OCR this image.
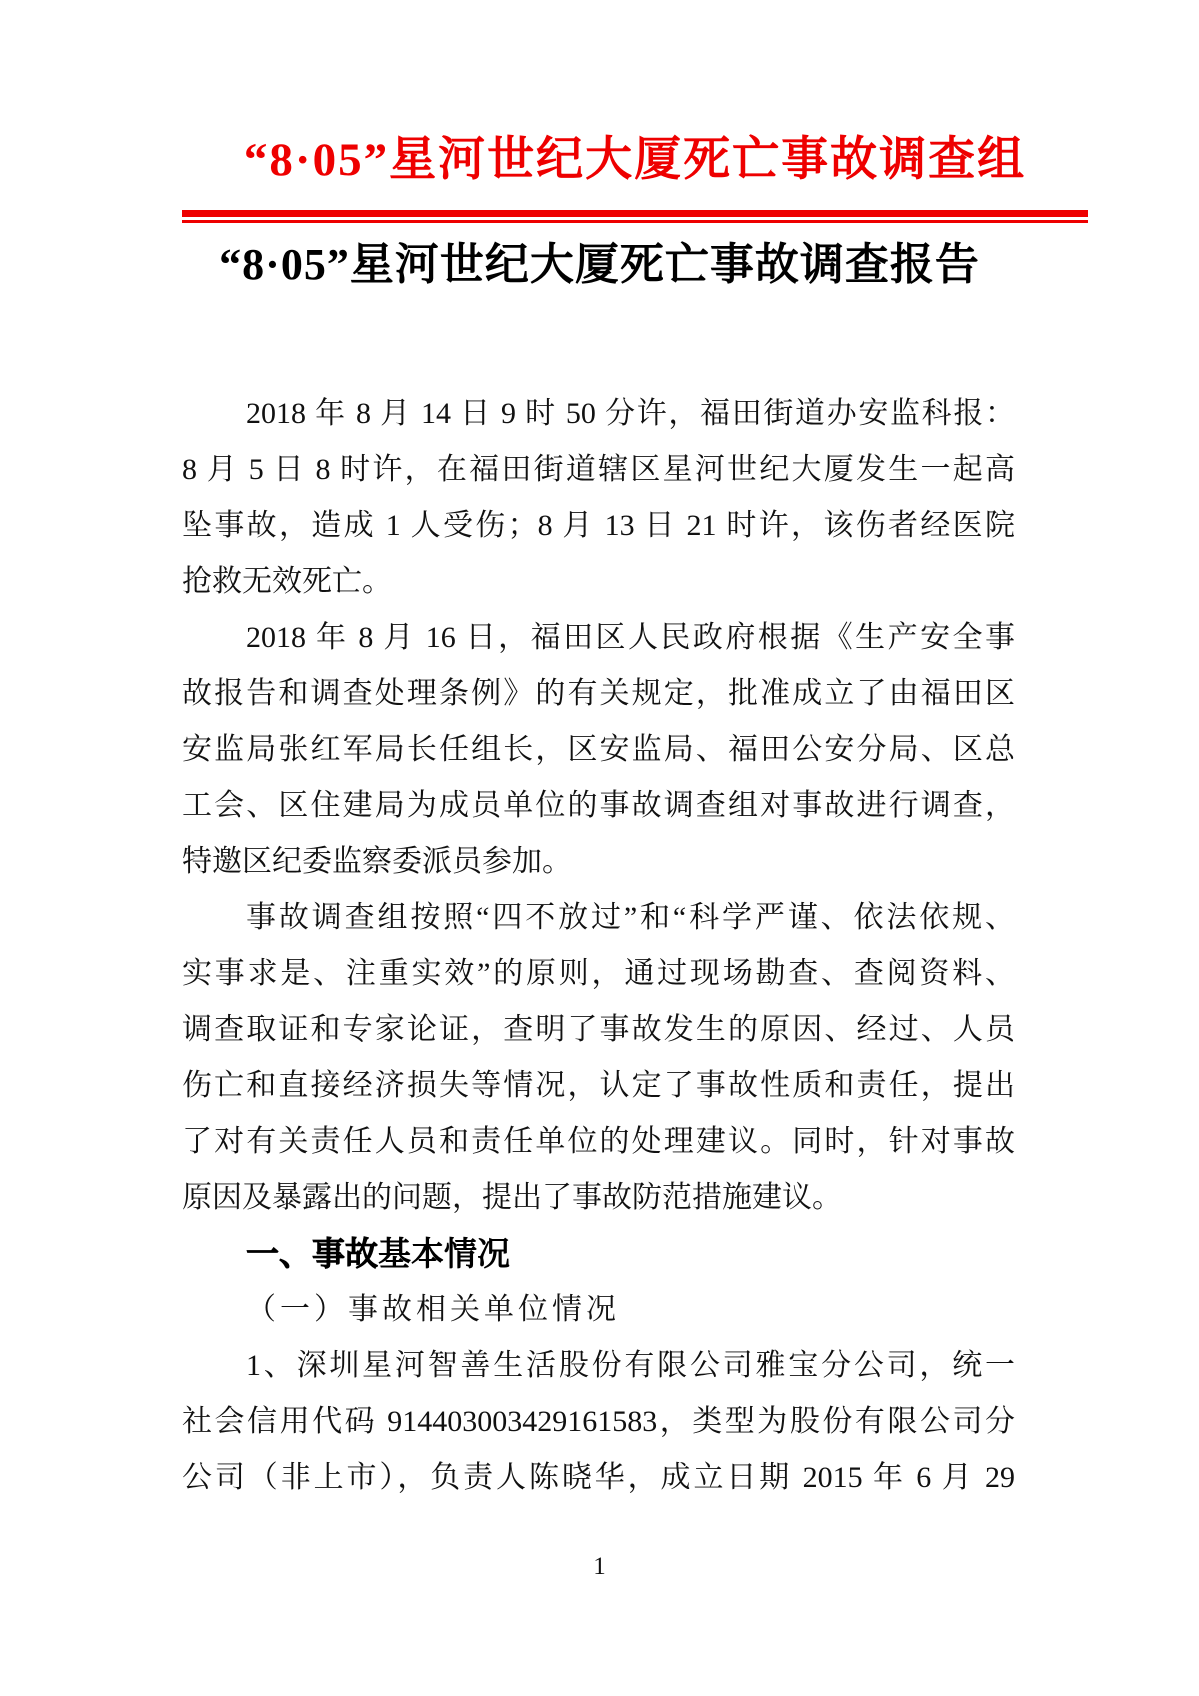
“8·05”星河世纪大厦死亡事故调查组
“8·05”星河世纪大厦死亡事故调查报告
2018 年 8 月 14 日 9 时 50 分许，福田街道办安监科报：
8 月 5 日 8 时许，在福田街道辖区星河世纪大厦发生一起高
坠事故，造成 1 人受伤；8 月 13 日 21 时许，该伤者经医院
抢救无效死亡。
2018 年 8 月 16 日，福田区人民政府根据《生产安全事
故报告和调查处理条例》的有关规定，批准成立了由福田区
安监局张红军局长任组长，区安监局、福田公安分局、区总
工会、区住建局为成员单位的事故调查组对事故进行调查，
特邀区纪委监察委派员参加。
事故调查组按照“四不放过”和“科学严谨、依法依规、
实事求是、注重实效”的原则，通过现场勘查、查阅资料、
调查取证和专家论证，查明了事故发生的原因、经过、人员
伤亡和直接经济损失等情况，认定了事故性质和责任，提出
了对有关责任人员和责任单位的处理建议。同时，针对事故
原因及暴露出的问题，提出了事故防范措施建议。
一、事故基本情况
（一）事故相关单位情况
1、深圳星河智善生活股份有限公司雅宝分公司，统一
社会信用代码 914403003429161583，类型为股份有限公司分
公司（非上市），负责人陈晓华，成立日期 2015 年 6 月 29
1
